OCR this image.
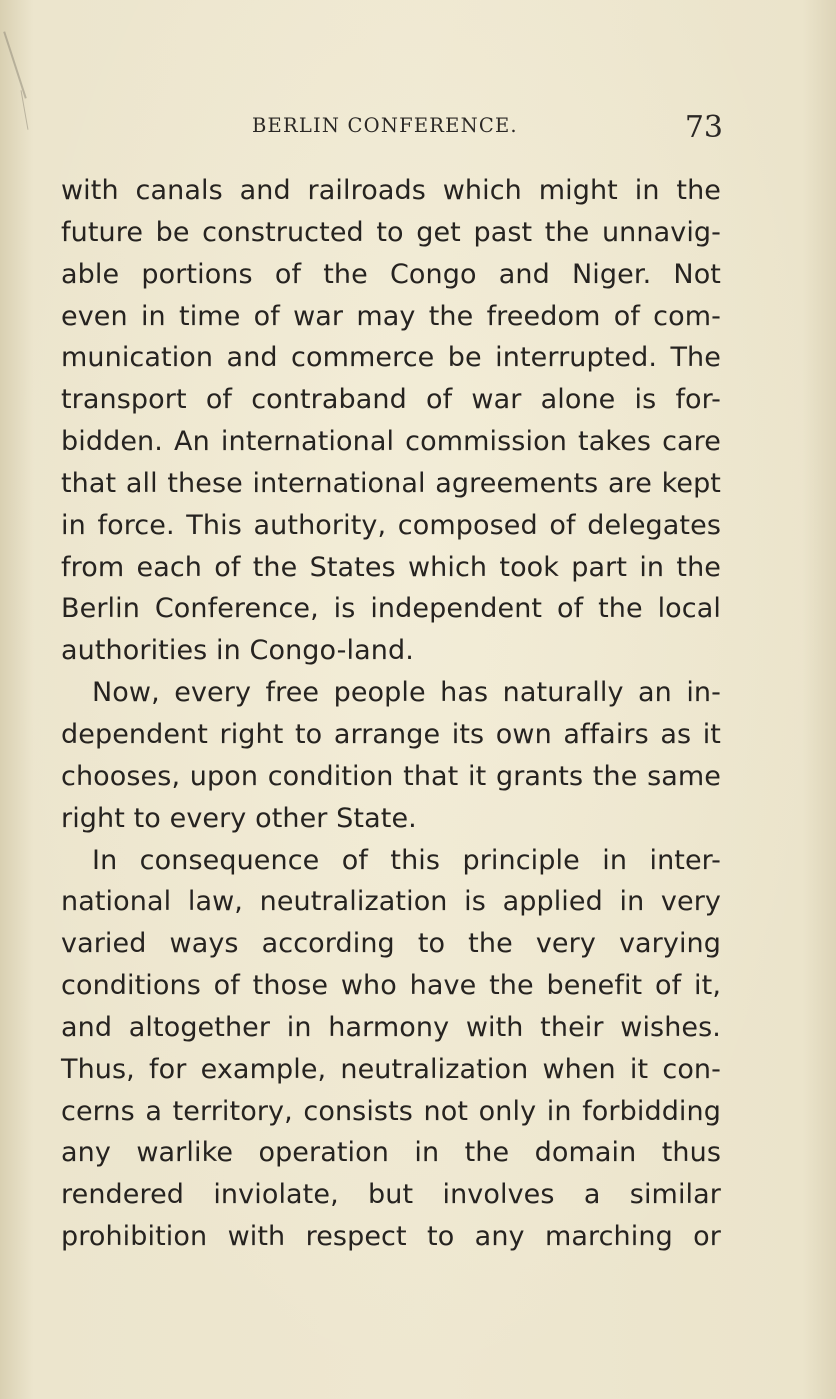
BERLIN CONFERENCE.	73
with canals and railroads which might in the
future be constructed to get past the unnavig-
able portions of the Congo and Niger. Not
even in time of war may the freedom of com-
munication and commerce be interrupted. The
transport of contraband of war alone is for-
bidden. An international commission takes care
that all these international agreements are kept
in force. This authority, composed of delegates
from each of the States which took part in the
Berlin Conference, is independent of the local
authorities in Congo-land.
Now, every free people has naturally an in-
dependent right to arrange its own affairs as it
chooses, upon condition that it grants the same
right to every other State.
In consequence of this principle in inter-
national law, neutralization is applied in very
varied ways according to the very varying
conditions of those who have the benefit of it,
and altogether in harmony with their wishes.
Thus, for example, neutralization when it con-
cerns a territory, consists not only in forbidding
any warlike operation in the domain thus
rendered inviolate, but involves a similar
prohibition with respect to any marching or
